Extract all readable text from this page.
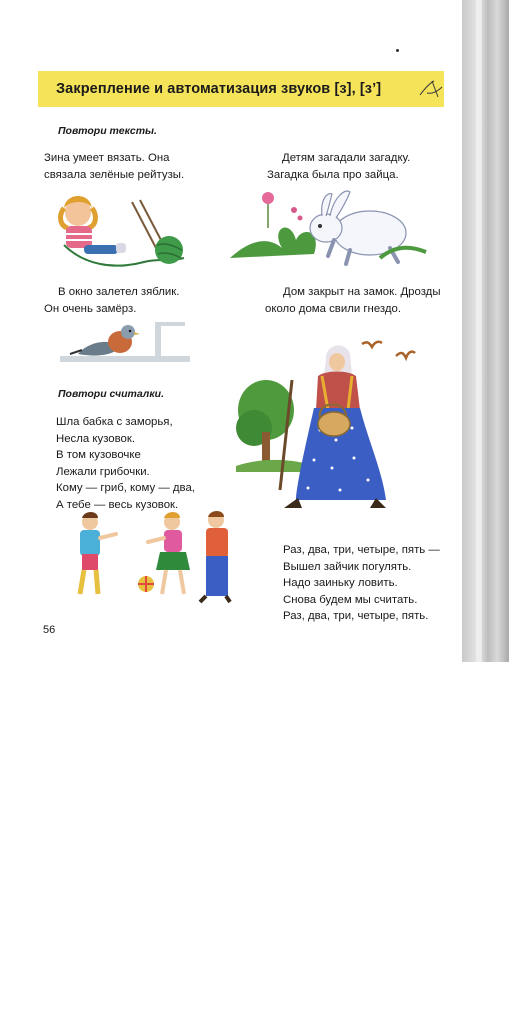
Закрепление и автоматизация звуков [з], [з’]
Повтори тексты.
Зина умеет вязать. Она
связала зелёные рейтузы.
Детям загадали загадку.
Загадка была про зайца.
В окно залетел зяблик.
Он очень замёрз.
Дом закрыт на замок. Дрозды
около дома свили гнездо.
Повтори считалки.
Шла бабка с заморья,
Несла кузовок.
В том кузовочке
Лежали грибочки.
Кому — гриб, кому — два,
А тебе — весь кузовок.
Раз, два, три, четыре, пять —
Вышел зайчик погулять.
Надо заиньку ловить.
Снова будем мы считать.
Раз, два, три, четыре, пять.
56
